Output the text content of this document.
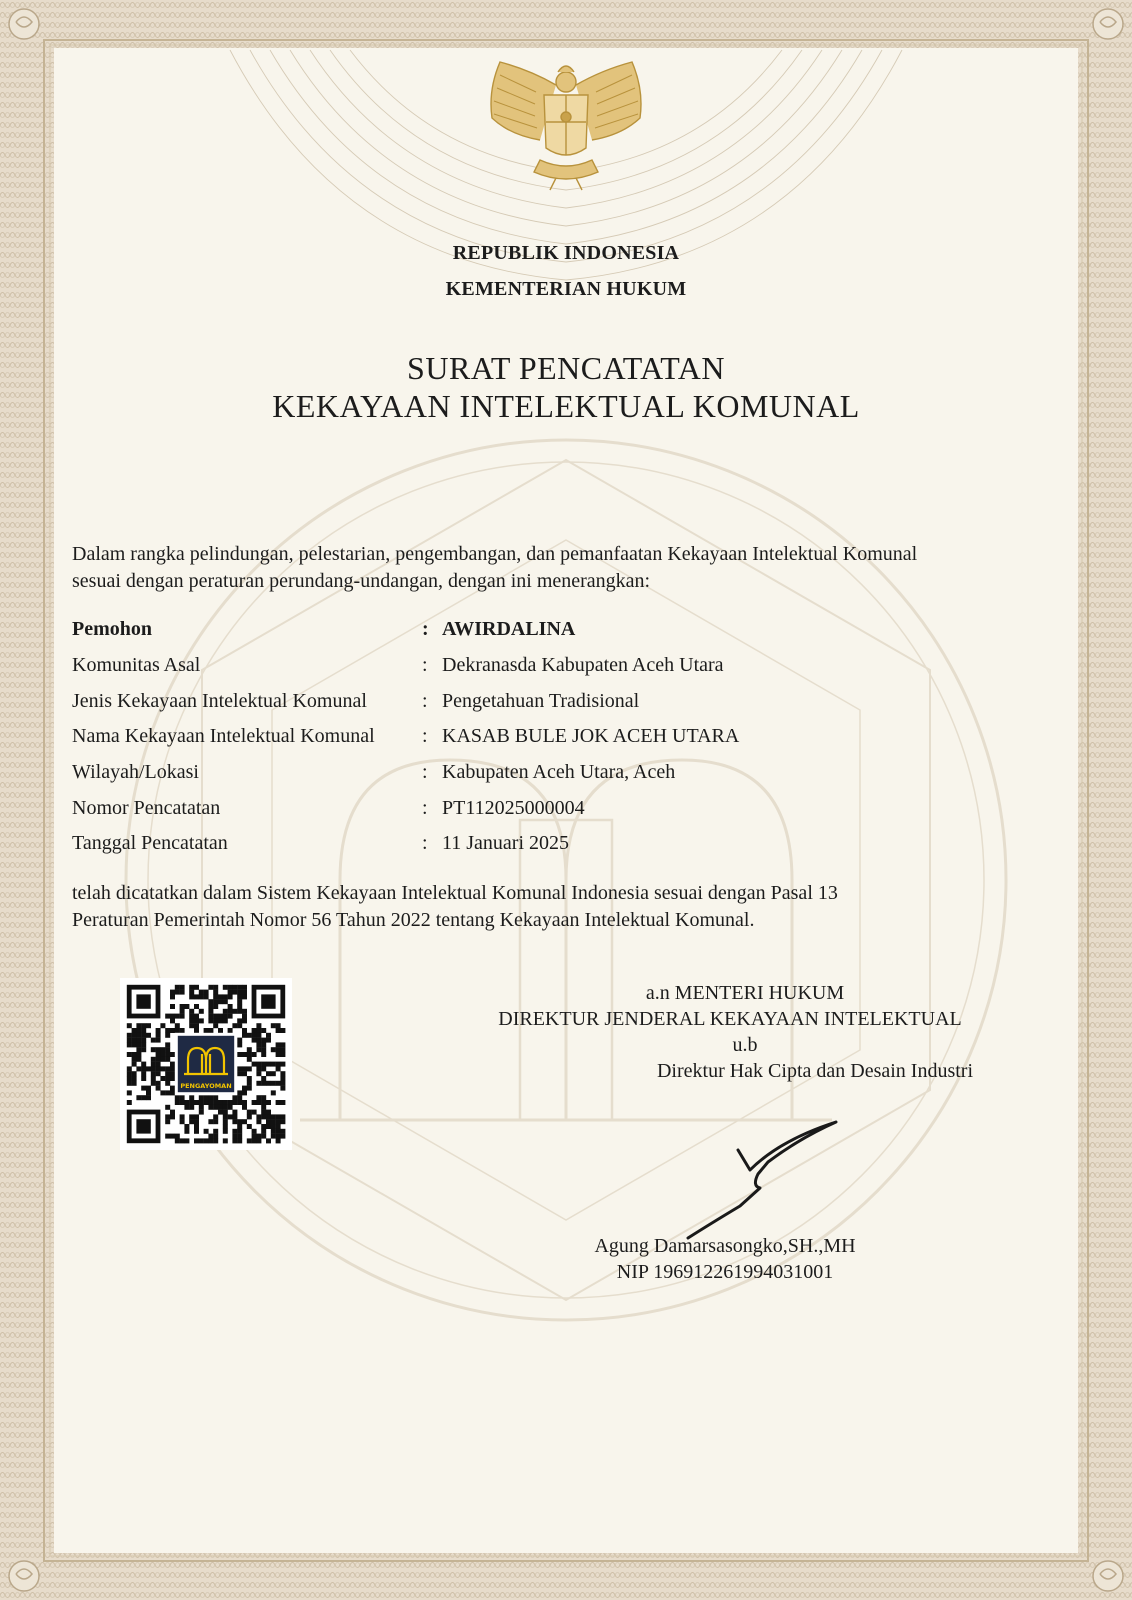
REPUBLIK INDONESIA
KEMENTERIAN HUKUM
SURAT PENCATATAN
KEKAYAAN INTELEKTUAL KOMUNAL
Dalam rangka pelindungan, pelestarian, pengembangan, dan pemanfaatan Kekayaan Intelektual Komunal
sesuai dengan peraturan perundang-undangan, dengan ini menerangkan:
Pemohon	:	AWIRDALINA
Komunitas Asal	:	Dekranasda Kabupaten Aceh Utara
Jenis Kekayaan Intelektual Komunal	:	Pengetahuan Tradisional
Nama Kekayaan Intelektual Komunal	:	KASAB BULE JOK ACEH UTARA
Wilayah/Lokasi	:	Kabupaten Aceh Utara, Aceh
Nomor Pencatatan	:	PT112025000004
Tanggal Pencatatan	:	11 Januari 2025
telah dicatatkan dalam Sistem Kekayaan Intelektual Komunal Indonesia sesuai dengan Pasal 13
Peraturan Pemerintah Nomor 56 Tahun 2022 tentang Kekayaan Intelektual Komunal.
PENGAYOMAN
a.n MENTERI HUKUM
DIREKTUR JENDERAL KEKAYAAN INTELEKTUAL
u.b
Direktur Hak Cipta dan Desain Industri
Agung Damarsasongko,SH.,MH
NIP 196912261994031001
